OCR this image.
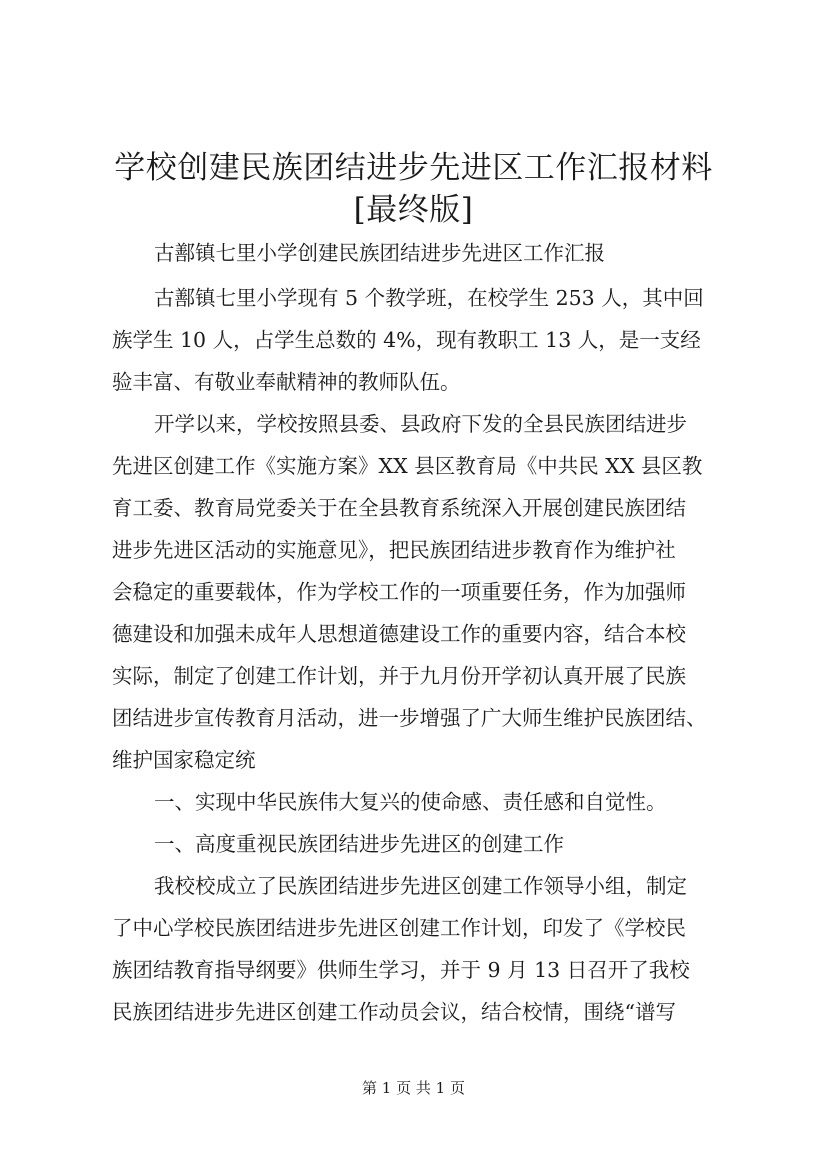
学校创建民族团结进步先进区工作汇报材料
[最终版]
古鄯镇七里小学创建民族团结进步先进区工作汇报
古鄯镇七里小学现有 5 个教学班，在校学生 253 人，其中回
族学生 10 人，占学生总数的 4%，现有教职工 13 人，是一支经
验丰富、有敬业奉献精神的教师队伍。
开学以来，学校按照县委、县政府下发的全县民族团结进步
先进区创建工作《实施方案》XX 县区教育局《中共民 XX 县区教
育工委、教育局党委关于在全县教育系统深入开展创建民族团结
进步先进区活动的实施意见》，把民族团结进步教育作为维护社
会稳定的重要载体，作为学校工作的一项重要任务，作为加强师
德建设和加强未成年人思想道德建设工作的重要内容，结合本校
实际，制定了创建工作计划，并于九月份开学初认真开展了民族
团结进步宣传教育月活动，进一步增强了广大师生维护民族团结、
维护国家稳定统
一、实现中华民族伟大复兴的使命感、责任感和自觉性。
一、高度重视民族团结进步先进区的创建工作
我校校成立了民族团结进步先进区创建工作领导小组，制定
了中心学校民族团结进步先进区创建工作计划，印发了《学校民
族团结教育指导纲要》供师生学习，并于 9 月 13 日召开了我校
民族团结进步先进区创建工作动员会议，结合校情，围绕“谱写
第 1 页 共 1 页
